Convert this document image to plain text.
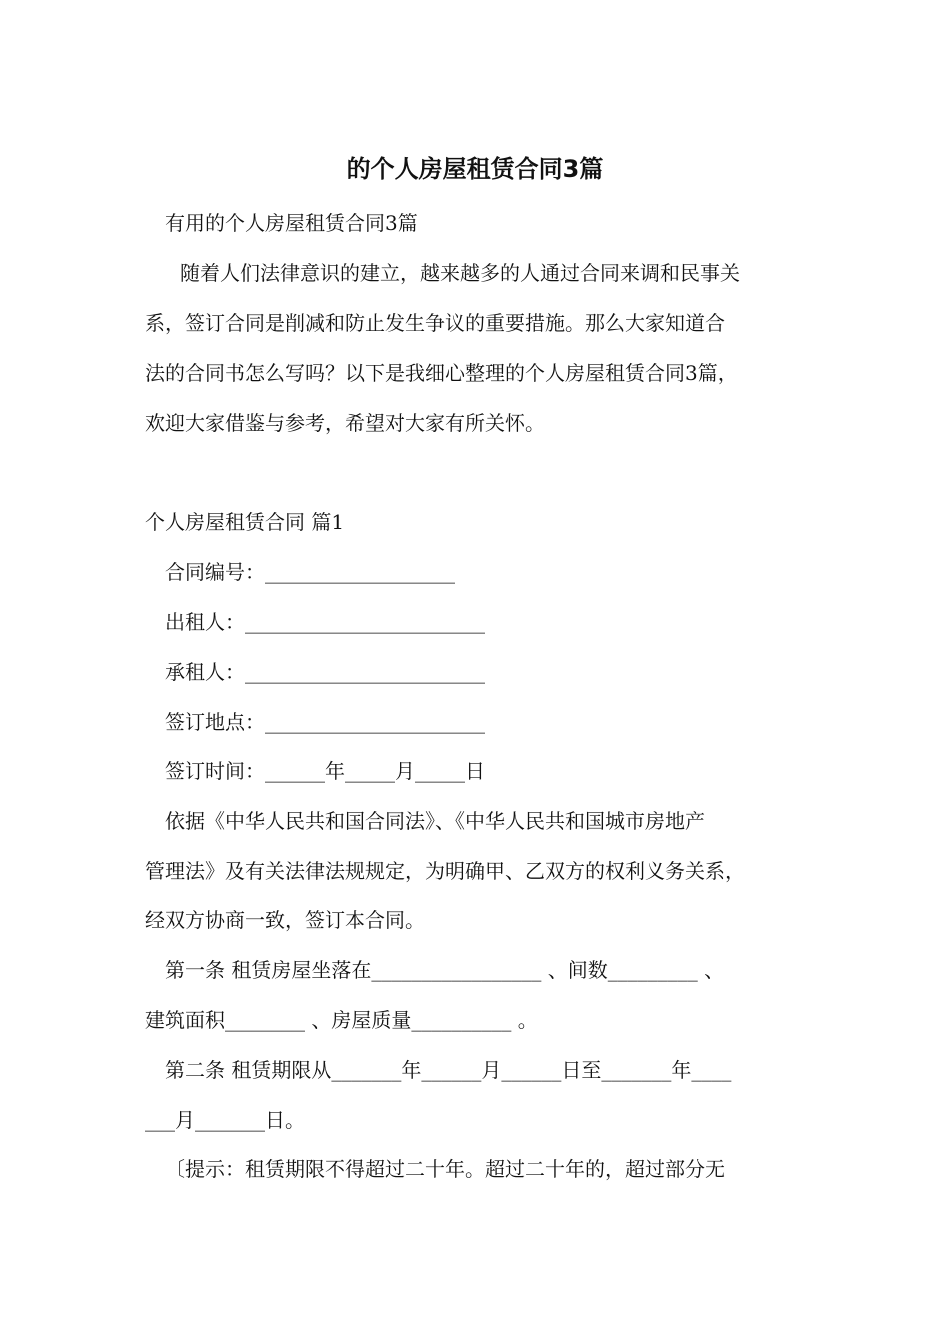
的个人房屋租赁合同3篇

有用的个人房屋租赁合同3篇

随着人们法律意识的建立，越来越多的人通过合同来调和民事关

系，签订合同是削减和防止发生争议的重要措施。那么大家知道合

法的合同书怎么写吗？以下是我细心整理的个人房屋租赁合同3篇，

欢迎大家借鉴与参考，希望对大家有所关怀。

个人房屋租赁合同 篇1

合同编号：___________________

出租人：________________________

承租人：________________________

签订地点：______________________

签订时间：______年_____月_____日

依据《中华人民共和国合同法》、《中华人民共和国城市房地产

管理法》及有关法律法规规定，为明确甲、乙双方的权利义务关系，

经双方协商一致，签订本合同。

第一条 租赁房屋坐落在_________________ 、间数_________ 、

建筑面积________ 、房屋质量__________ 。

第二条 租赁期限从_______年______月______日至_______年____

___月_______日。

〔提示：租赁期限不得超过二十年。超过二十年的，超过部分无
